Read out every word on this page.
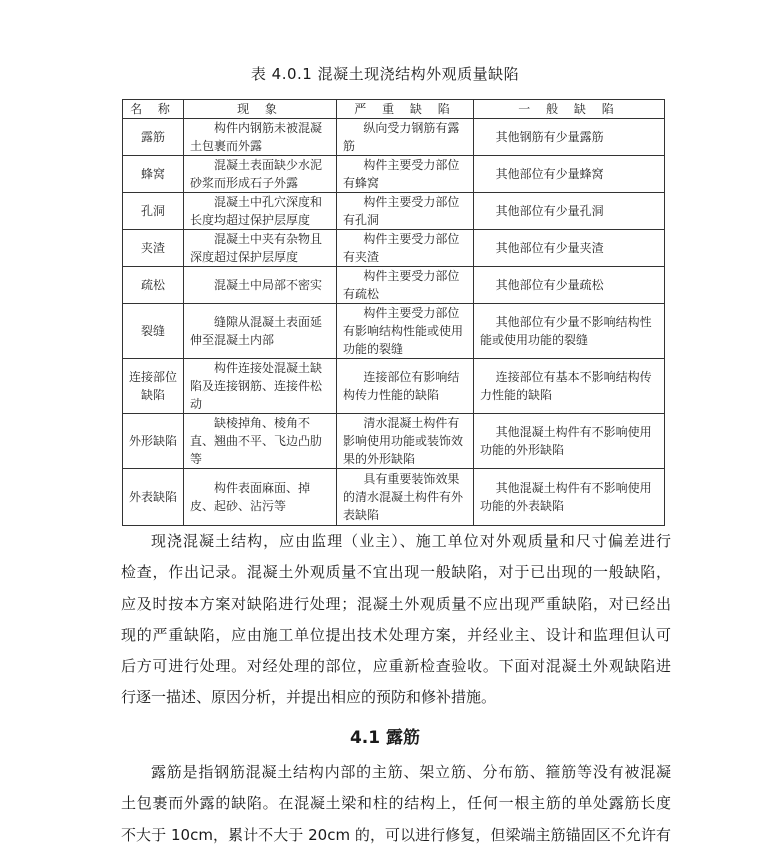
表 4.0.1 混凝土现浇结构外观质量缺陷
名 称	现 象	严 重 缺 陷	一 般 缺 陷
露筋	构件内钢筋未被混凝土包裹而外露	纵向受力钢筋有露筋	其他钢筋有少量露筋
蜂窝	混凝土表面缺少水泥砂浆而形成石子外露	构件主要受力部位有蜂窝	其他部位有少量蜂窝
孔洞	混凝土中孔穴深度和长度均超过保护层厚度	构件主要受力部位有孔洞	其他部位有少量孔洞
夹渣	混凝土中夹有杂物且深度超过保护层厚度	构件主要受力部位有夹渣	其他部位有少量夹渣
疏松	混凝土中局部不密实	构件主要受力部位有疏松	其他部位有少量疏松
裂缝	缝隙从混凝土表面延伸至混凝土内部	构件主要受力部位有影响结构性能或使用功能的裂缝	其他部位有少量不影响结构性能或使用功能的裂缝
连接部位缺陷	构件连接处混凝土缺陷及连接钢筋、连接件松动	连接部位有影响结构传力性能的缺陷	连接部位有基本不影响结构传力性能的缺陷
外形缺陷	缺棱掉角、棱角不直、翘曲不平、飞边凸肋等	清水混凝土构件有影响使用功能或装饰效果的外形缺陷	其他混凝土构件有不影响使用功能的外形缺陷
外表缺陷	构件表面麻面、掉皮、起砂、沾污等	具有重要装饰效果的清水混凝土构件有外表缺陷	其他混凝土构件有不影响使用功能的外表缺陷

现浇混凝土结构，应由监理（业主）、施工单位对外观质量和尺寸偏差进行
检查，作出记录。混凝土外观质量不宜出现一般缺陷，对于已出现的一般缺陷，
应及时按本方案对缺陷进行处理；混凝土外观质量不应出现严重缺陷，对已经出
现的严重缺陷，应由施工单位提出技术处理方案，并经业主、设计和监理但认可
后方可进行处理。对经处理的部位，应重新检查验收。下面对混凝土外观缺陷进
行逐一描述、原因分析，并提出相应的预防和修补措施。

4.1 露筋

露筋是指钢筋混凝土结构内部的主筋、架立筋、分布筋、箍筋等没有被混凝
土包裹而外露的缺陷。在混凝土梁和柱的结构上，任何一根主筋的单处露筋长度
不大于 10cm，累计不大于 20cm 的，可以进行修复，但梁端主筋锚固区不允许有
